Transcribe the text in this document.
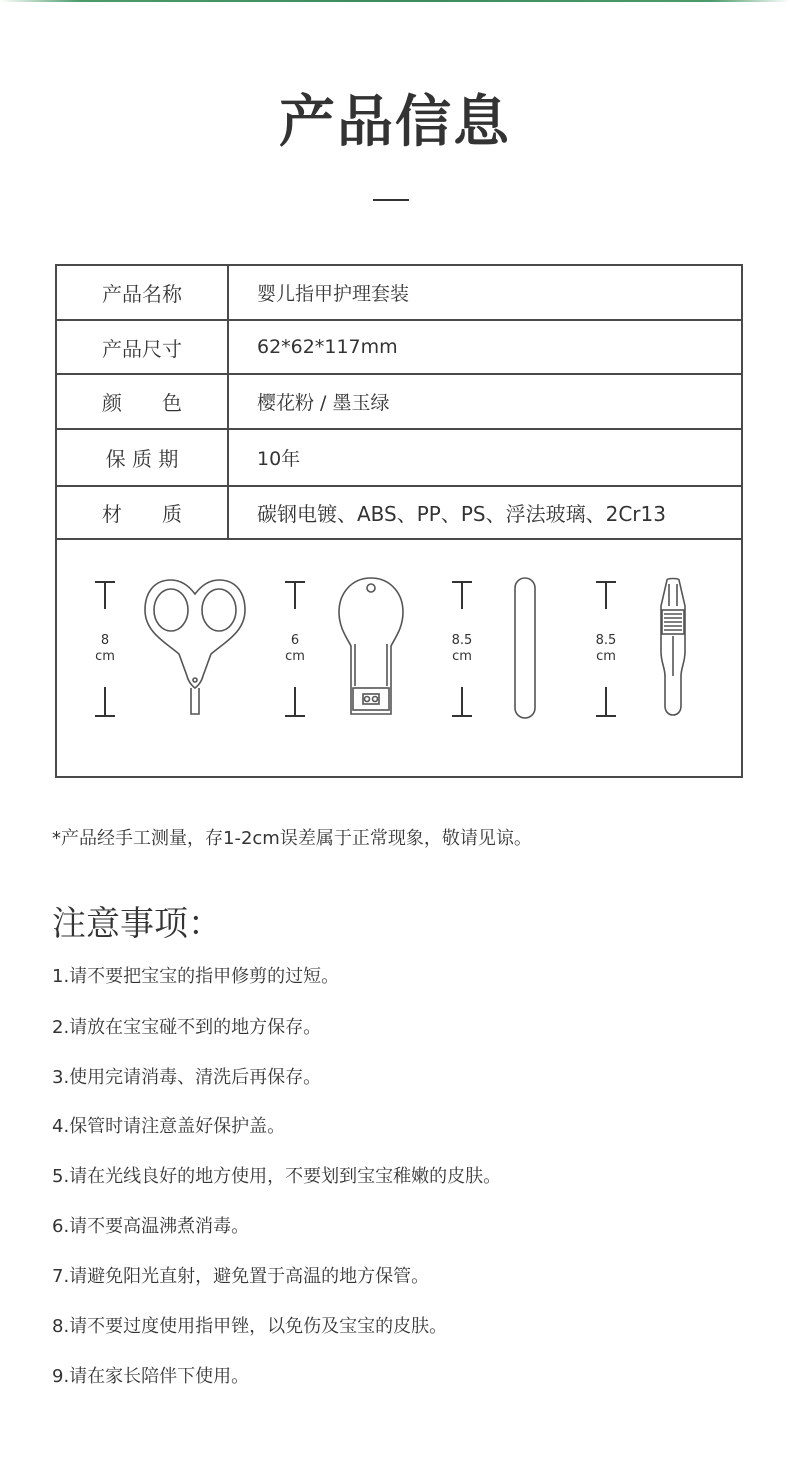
产品信息
产品名称	婴儿指甲护理套装
产品尺寸	62*62*117mm
颜　　色	樱花粉 / 墨玉绿
保 质 期	10年
材　　质	碳钢电镀、ABS、PP、PS、浮法玻璃、2Cr13
8
cm
6
cm
8.5
cm
8.5
cm
*产品经手工测量，存1-2cm误差属于正常现象，敬请见谅。
注意事项：
1.请不要把宝宝的指甲修剪的过短。
2.请放在宝宝碰不到的地方保存。
3.使用完请消毒、清洗后再保存。
4.保管时请注意盖好保护盖。
5.请在光线良好的地方使用，不要划到宝宝稚嫩的皮肤。
6.请不要高温沸煮消毒。
7.请避免阳光直射，避免置于高温的地方保管。
8.请不要过度使用指甲锉，以免伤及宝宝的皮肤。
9.请在家长陪伴下使用。
